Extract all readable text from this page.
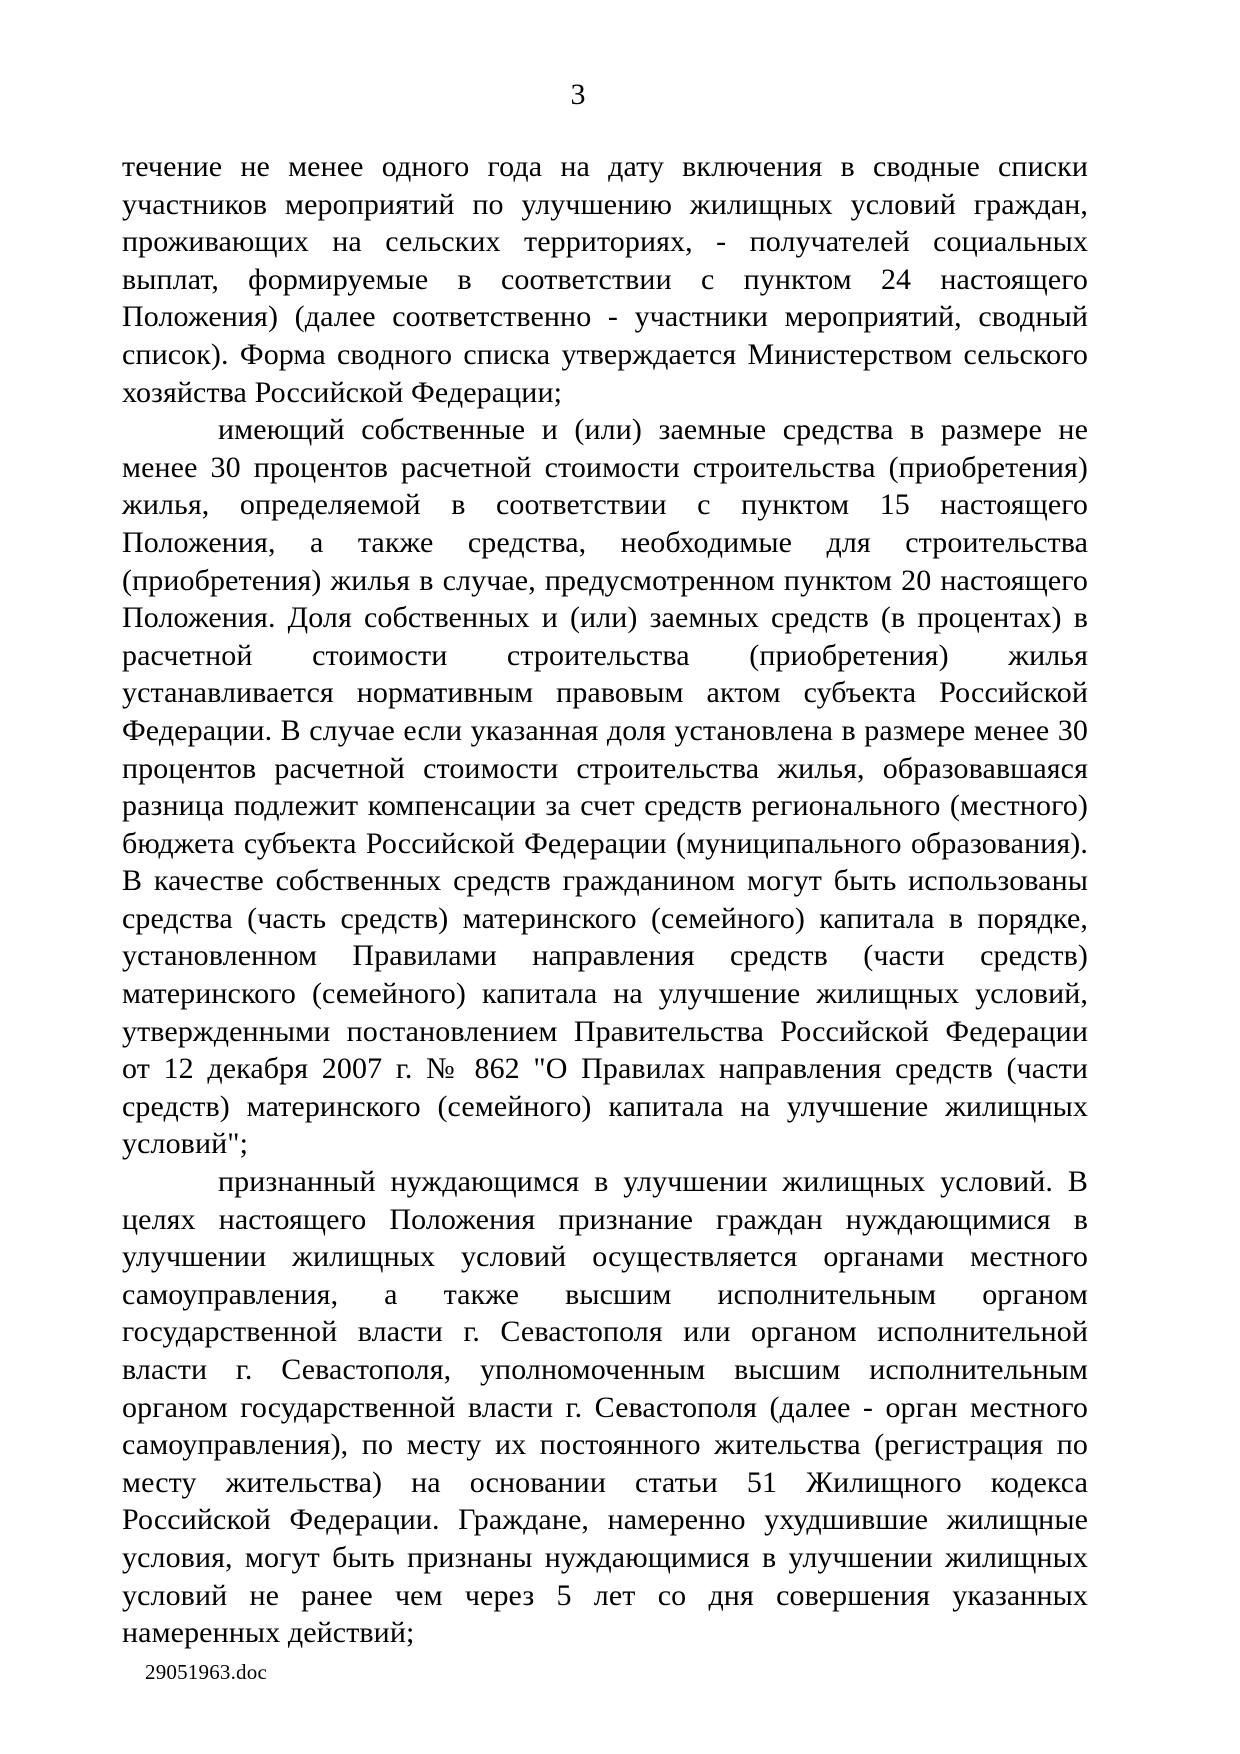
3

течение не менее одного года на дату включения в сводные списки участников мероприятий по улучшению жилищных условий граждан, проживающих на сельских территориях, - получателей социальных выплат, формируемые в соответствии с пунктом 24 настоящего Положения) (далее соответственно - участники мероприятий, сводный список). Форма сводного списка утверждается Министерством сельского хозяйства Российской Федерации;

имеющий собственные и (или) заемные средства в размере не менее 30 процентов расчетной стоимости строительства (приобретения) жилья, определяемой в соответствии с пунктом 15 настоящего Положения, а также средства, необходимые для строительства (приобретения) жилья в случае, предусмотренном пунктом 20 настоящего Положения. Доля собственных и (или) заемных средств (в процентах) в расчетной стоимости строительства (приобретения) жилья устанавливается нормативным правовым актом субъекта Российской Федерации. В случае если указанная доля установлена в размере менее 30 процентов расчетной стоимости строительства жилья, образовавшаяся разница подлежит компенсации за счет средств регионального (местного) бюджета субъекта Российской Федерации (муниципального образования). В качестве собственных средств гражданином могут быть использованы средства (часть средств) материнского (семейного) капитала в порядке, установленном Правилами направления средств (части средств) материнского (семейного) капитала на улучшение жилищных условий, утвержденными постановлением Правительства Российской Федерации от 12 декабря 2007 г. № 862 "О Правилах направления средств (части средств) материнского (семейного) капитала на улучшение жилищных условий";

признанный нуждающимся в улучшении жилищных условий. В целях настоящего Положения признание граждан нуждающимися в улучшении жилищных условий осуществляется органами местного самоуправления, а также высшим исполнительным органом государственной власти г. Севастополя или органом исполнительной власти г. Севастополя, уполномоченным высшим исполнительным органом государственной власти г. Севастополя (далее - орган местного самоуправления), по месту их постоянного жительства (регистрация по месту жительства) на основании статьи 51 Жилищного кодекса Российской Федерации. Граждане, намеренно ухудшившие жилищные условия, могут быть признаны нуждающимися в улучшении жилищных условий не ранее чем через 5 лет со дня совершения указанных намеренных действий;

29051963.doc
